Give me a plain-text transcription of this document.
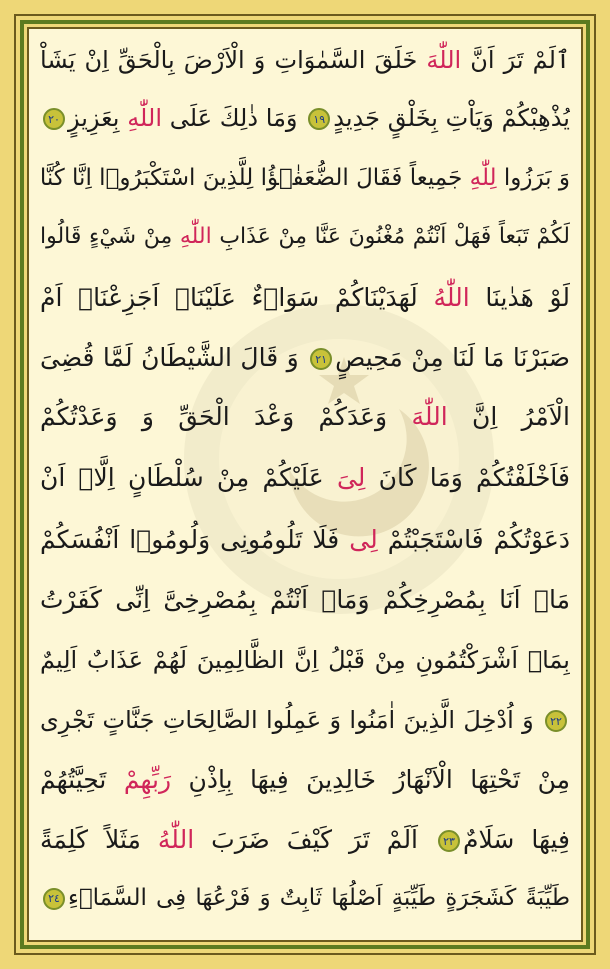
ٱلَمْ تَرَ اَنَّ اللّٰهَ خَلَقَ السَّمٰوَاتِ وَ الْاَرْضَ بِالْحَقِّ اِنْ يَشَاْ
يُذْهِبْكُمْ وَيَاْتِ بِخَلْقٍ جَدِيدٍ١٩ وَمَا ذٰلِكَ عَلَى اللّٰهِ بِعَزِيزٍ٢٠
وَ بَرَزُوا لِلّٰهِ جَمِيعاً فَقَالَ الضُّعَفٰۤؤُا لِلَّذِينَ اسْتَكْبَرُوۤا اِنَّا كُنَّا
لَكُمْ تَبَعاً فَهَلْ اَنْتُمْ مُغْنُونَ عَنَّا مِنْ عَذَابِ اللّٰهِ مِنْ شَيْءٍ قَالُوا
لَوْ هَدٰينَا اللّٰهُ لَهَدَيْنَاكُمْ سَوَاۤءٌ عَلَيْنَاۤ اَجَزِعْنَاۤ اَمْ
صَبَرْنَا مَا لَنَا مِنْ مَحِيصٍ٢١ وَ قَالَ الشَّيْطَانُ لَمَّا قُضِىَ
الْاَمْرُ اِنَّ اللّٰهَ وَعَدَكُمْ وَعْدَ الْحَقِّ وَ وَعَدْتُكُمْ
فَاَخْلَفْتُكُمْ وَمَا كَانَ لِىَ عَلَيْكُمْ مِنْ سُلْطَانٍ اِلَّاۤ اَنْ
دَعَوْتُكُمْ فَاسْتَجَبْتُمْ لِى فَلَا تَلُومُونِى وَلُومُوۤا اَنْفُسَكُمْ
مَاۤ اَنَا بِمُصْرِخِكُمْ وَمَاۤ اَنْتُمْ بِمُصْرِخِىَّ اِنِّى كَفَرْتُ
بِمَاۤ اَشْرَكْتُمُونِ مِنْ قَبْلُ اِنَّ الظَّالِمِينَ لَهُمْ عَذَابٌ اَلِيمٌ
٢٢ وَ اُدْخِلَ الَّذِينَ اٰمَنُوا وَ عَمِلُوا الصَّالِحَاتِ جَنَّاتٍ تَجْرِى
مِنْ تَحْتِهَا الْاَنْهَارُ خَالِدِينَ فِيهَا بِاِذْنِ رَبِّهِمْ تَحِيَّتُهُمْ
فِيهَا سَلَامٌ٢٣ اَلَمْ تَرَ كَيْفَ ضَرَبَ اللّٰهُ مَثَلاً كَلِمَةً
طَيِّبَةً كَشَجَرَةٍ طَيِّبَةٍ اَصْلُهَا ثَابِتٌ وَ فَرْعُهَا فِى السَّمَاۤءِ٢٤
